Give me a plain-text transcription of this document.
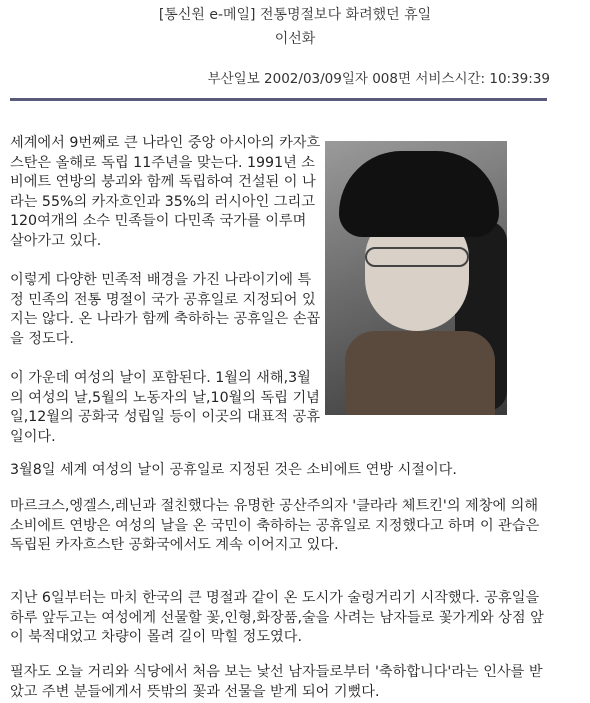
[통신원 e-메일] 전통명절보다 화려했던 휴일
이선화
부산일보 2002/03/09일자 008면 서비스시간: 10:39:39

세계에서 9번째로 큰 나라인 중앙 아시아의 카자흐스탄은 올해로 독립 11주년을 맞는다. 1991년 소비에트 연방의 붕괴와 함께 독립하여 건설된 이 나라는 55%의 카자흐인과 35%의 러시아인 그리고 120여개의 소수 민족들이 다민족 국가를 이루며 살아가고 있다.

이렇게 다양한 민족적 배경을 가진 나라이기에 특정 민족의 전통 명절이 국가 공휴일로 지정되어 있지는 않다. 온 나라가 함께 축하하는 공휴일은 손꼽을 정도다.

이 가운데 여성의 날이 포함된다. 1월의 새해,3월의 여성의 날,5월의 노동자의 날,10월의 독립 기념일,12월의 공화국 성립일 등이 이곳의 대표적 공휴일이다.

3월8일 세계 여성의 날이 공휴일로 지정된 것은 소비에트 연방 시절이다.

마르크스,엥겔스,레닌과 절친했다는 유명한 공산주의자 '클라라 체트킨'의 제창에 의해 소비에트 연방은 여성의 날을 온 국민이 축하하는 공휴일로 지정했다고 하며 이 관습은 독립된 카자흐스탄 공화국에서도 계속 이어지고 있다.

지난 6일부터는 마치 한국의 큰 명절과 같이 온 도시가 술렁거리기 시작했다. 공휴일을 하루 앞두고는 여성에게 선물할 꽃,인형,화장품,술을 사려는 남자들로 꽃가게와 상점 앞이 북적대었고 차량이 몰려 길이 막힐 정도였다.

필자도 오늘 거리와 식당에서 처음 보는 낯선 남자들로부터 '축하합니다'라는 인사를 받았고 주변 분들에게서 뜻밖의 꽃과 선물을 받게 되어 기뻤다.
